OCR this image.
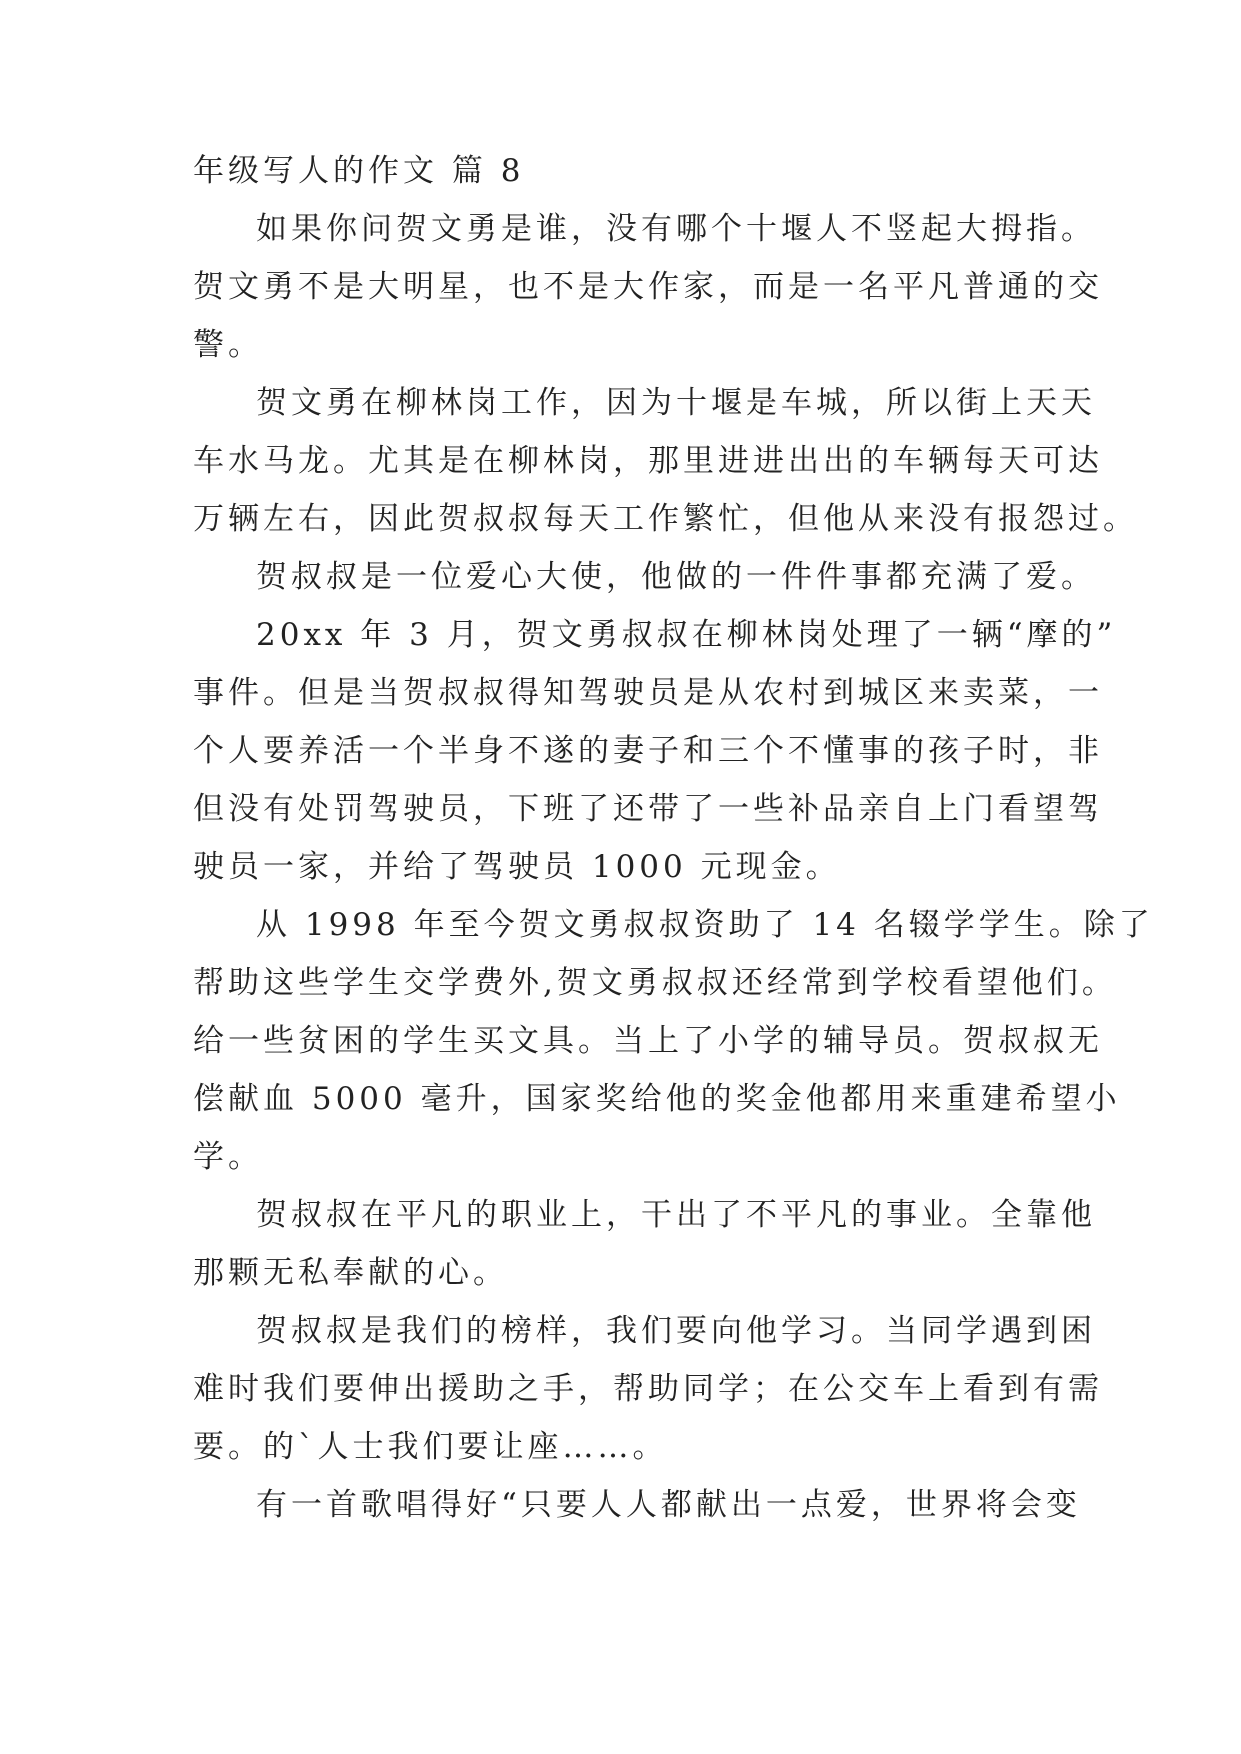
年级写人的作文 篇 8
如果你问贺文勇是谁，没有哪个十堰人不竖起大拇指。
贺文勇不是大明星，也不是大作家，而是一名平凡普通的交
警。
贺文勇在柳林岗工作，因为十堰是车城，所以街上天天
车水马龙。尤其是在柳林岗，那里进进出出的车辆每天可达
万辆左右，因此贺叔叔每天工作繁忙，但他从来没有报怨过。
贺叔叔是一位爱心大使，他做的一件件事都充满了爱。
20xx 年 3 月，贺文勇叔叔在柳林岗处理了一辆“摩的”
事件。但是当贺叔叔得知驾驶员是从农村到城区来卖菜，一
个人要养活一个半身不遂的妻子和三个不懂事的孩子时，非
但没有处罚驾驶员，下班了还带了一些补品亲自上门看望驾
驶员一家，并给了驾驶员 1000 元现金。
从 1998 年至今贺文勇叔叔资助了 14 名辍学学生。除了
帮助这些学生交学费外,贺文勇叔叔还经常到学校看望他们。
给一些贫困的学生买文具。当上了小学的辅导员。贺叔叔无
偿献血 5000 毫升，国家奖给他的奖金他都用来重建希望小
学。
贺叔叔在平凡的职业上，干出了不平凡的事业。全靠他
那颗无私奉献的心。
贺叔叔是我们的榜样，我们要向他学习。当同学遇到困
难时我们要伸出援助之手，帮助同学；在公交车上看到有需
要。的`人士我们要让座……。
有一首歌唱得好“只要人人都献出一点爱，世界将会变
